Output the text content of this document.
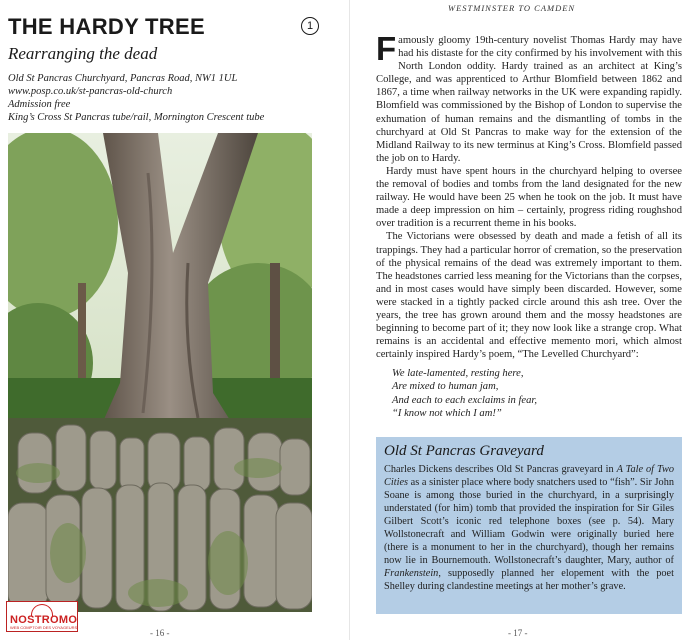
THE HARDY TREE	1
Rearranging the dead
Old St Pancras Churchyard, Pancras Road, NW1 1UL
www.posp.co.uk/st-pancras-old-church
Admission free
King’s Cross St Pancras tube/rail, Mornington Crescent tube
NOSTROMO
WEB COMPTOIR DES VOYAGEURS
- 16 -
WESTMINSTER TO CAMDEN

Famously gloomy 19th-century novelist Thomas Hardy may have had his distaste for the city confirmed by his involvement with this North London oddity. Hardy trained as an architect at King’s College, and was apprenticed to Arthur Blomfield between 1862 and 1867, a time when railway networks in the UK were expanding rapidly. Blomfield was commissioned by the Bishop of London to supervise the exhumation of human remains and the dismantling of tombs in the churchyard at Old St Pancras to make way for the extension of the Midland Railway to its new terminus at King’s Cross. Blomfield passed the job on to Hardy.

Hardy must have spent hours in the churchyard helping to oversee the removal of bodies and tombs from the land designated for the new railway. He would have been 25 when he took on the job. It must have made a deep impression on him – certainly, progress riding roughshod over tradition is a recurrent theme in his books.

The Victorians were obsessed by death and made a fetish of all its trappings. They had a particular horror of cremation, so the preservation of the physical remains of the dead was extremely important to them. The headstones carried less meaning for the Victorians than the corpses, and in most cases would have simply been discarded. However, some were stacked in a tightly packed circle around this ash tree. Over the years, the tree has grown around them and the mossy headstones are beginning to become part of it; they now look like a strange crop. What remains is an accidental and effective memento mori, which almost certainly inspired Hardy’s poem, “The Levelled Churchyard”:

We late-lamented, resting here,
Are mixed to human jam,
And each to each exclaims in fear,
“I know not which I am!”
Old St Pancras Graveyard
Charles Dickens describes Old St Pancras graveyard in A Tale of Two Cities as a sinister place where body snatchers used to “fish”. Sir John Soane is among those buried in the churchyard, in a surprisingly understated (for him) tomb that provided the inspiration for Sir Giles Gilbert Scott’s iconic red telephone boxes (see p. 54). Mary Wollstonecraft and William Godwin were originally buried here (there is a monument to her in the churchyard), though her remains now lie in Bournemouth. Wollstonecraft’s daughter, Mary, author of Frankenstein, supposedly planned her elopement with the poet Shelley during clandestine meetings at her mother’s grave.
- 17 -
